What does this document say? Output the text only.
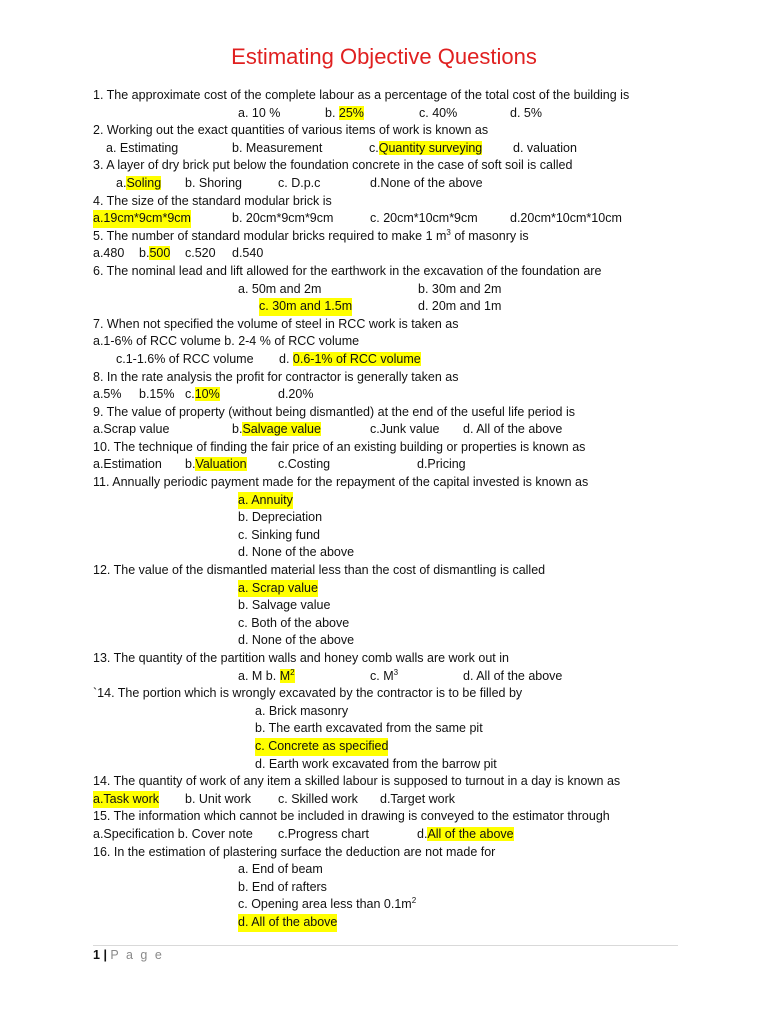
Estimating Objective Questions
1. The approximate cost of the complete labour as a percentage of the total cost of the building is
a. 10 %	b. 25%	c. 40%	d. 5%
2. Working out the exact quantities of various items of work is known as
a. Estimating	b. Measurement	c.Quantity surveying d. valuation
3. A layer of dry brick put below the foundation concrete in the case of soft soil is called
a.Soling b. Shoring	c. D.p.c	d.None of the above
4. The size of the standard modular brick is
a.19cm*9cm*9cm	b. 20cm*9cm*9cm	c. 20cm*10cm*9cm	d.20cm*10cm*10cm
5. The number of standard modular bricks required to make 1 $m^3$ of masonry is
a.480 b.500 c.520 d.540
6. The nominal lead and lift allowed for the earthwork in the excavation of the foundation are
a. 50m and 2m	b. 30m and 2m
c. 30m and 1.5m	d. 20m and 1m
7. When not specified the volume of steel in RCC work is taken as
a.1-6% of RCC volume b. 2-4 % of RCC volume
c.1-1.6% of RCC volume d. 0.6-1% of RCC volume
8. In the rate analysis the profit for contractor is generally taken as
a.5% b.15% c.10%	d.20%
9. The value of property (without being dismantled) at the end of the useful life period is
a.Scrap value	b.Salvage value	c.Junk value d. All of the above
10. The technique of finding the fair price of an existing building or properties is known as
a.Estimation b.Valuation	c.Costing	d.Pricing
11. Annually periodic payment made for the repayment of the capital invested is known as
a. Annuity
b. Depreciation
c. Sinking fund
d. None of the above
12. The value of the dismantled material less than the cost of dismantling is called
a. Scrap value
b. Salvage value
c. Both of the above
d. None of the above
13. The quantity of the partition walls and honey comb walls are work out in
a. M b. $M^2$	c. $M^3$	d. All of the above
`14. The portion which is wrongly excavated by the contractor is to be filled by
a. Brick masonry
b. The earth excavated from the same pit
c. Concrete as specified
d. Earth work excavated from the barrow pit
14. The quantity of work of any item a skilled labour is supposed to turnout in a day is known as
a.Task work b. Unit work c. Skilled work d.Target work
15. The information which cannot be included in drawing is conveyed to the estimator through
a.Specification b. Cover note c.Progress chart	d.All of the above
16. In the estimation of plastering surface the deduction are not made for
a. End of beam
b. End of rafters
c. Opening area less than $0.1m^2$
d. All of the above
1 | P a g e
